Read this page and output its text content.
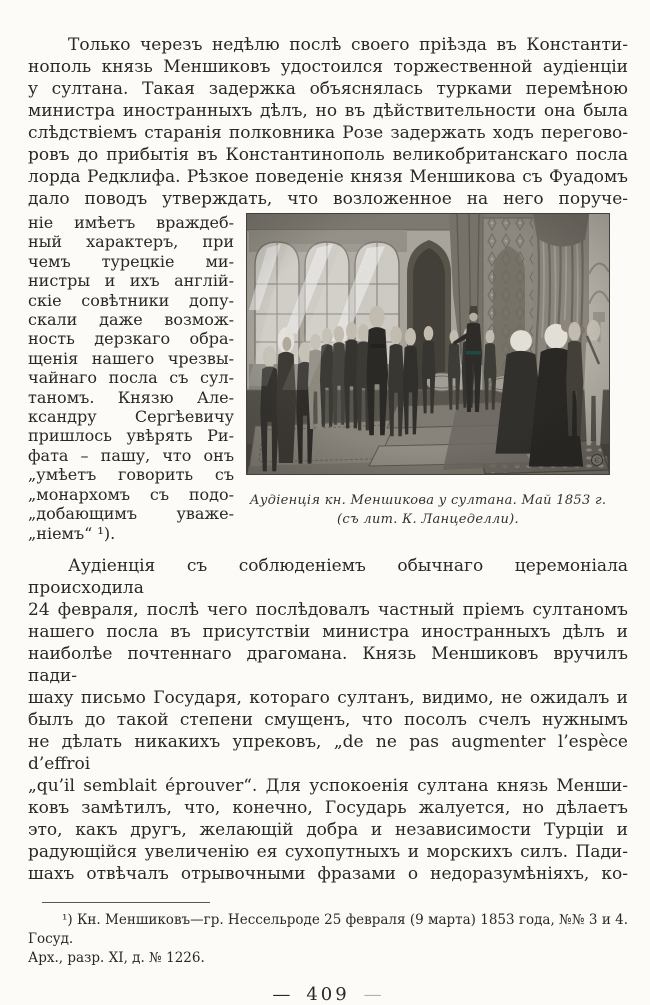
Только черезъ недѣлю послѣ своего пріѣзда въ Константи-
нополь князь Меншиковъ удостоился торжественной аудіенціи
у султана. Такая задержка объяснялась турками перемѣною
министра иностранныхъ дѣлъ, но въ дѣйствительности она была
слѣдствіемъ старанія полковника Розе задержать ходъ перегово-
ровъ до прибытія въ Константинополь великобританскаго посла
лорда Редклифа. Рѣзкое поведеніе князя Меншикова съ Фуадомъ
дало поводъ утверждать, что возложенное на него поруче-
ніе имѣетъ враждеб-
ный характеръ, при
чемъ турецкіе ми-
нистры и ихъ англій-
скіе совѣтники допу-
скали даже возмож-
ность дерзкаго обра-
щенія нашего чрезвы-
чайнаго посла съ сул-
таномъ. Князю Але-
ксандру Сергѣевичу
пришлось увѣрять Ри-
фата – пашу, что онъ
„умѣетъ говорить съ
„монархомъ съ подо-
„добающимъ уваже-
„ніемъ“ ¹).
Аудіенція кн. Меншикова у султана. Май 1853 г.
(съ лит. К. Ланцеделли).
Аудіенція съ соблюденіемъ обычнаго церемоніала происходила
24 февраля, послѣ чего послѣдовалъ частный пріемъ султаномъ
нашего посла въ присутствіи министра иностранныхъ дѣлъ и
наиболѣе почтеннаго драгомана. Князь Меншиковъ вручилъ пади-
шаху письмо Государя, котораго султанъ, видимо, не ожидалъ и
былъ до такой степени смущенъ, что посолъ счелъ нужнымъ
не дѣлать никакихъ упрековъ, „de ne pas augmenter l’espèce d’effroi
„qu’il semblait éprouver“. Для успокоенія султана князь Менши-
ковъ замѣтилъ, что, конечно, Государь жалуется, но дѣлаетъ
это, какъ другъ, желающій добра и независимости Турціи и
радующійся увеличенію ея сухопутныхъ и морскихъ силъ. Пади-
шахъ отвѣчалъ отрывочными фразами о недоразумѣніяхъ, ко-
¹) Кн. Меншиковъ—гр. Нессельроде 25 февраля (9 марта) 1853 года, №№ 3 и 4. Госуд.
Арх., разр. XI, д. № 1226.
— 409 —
